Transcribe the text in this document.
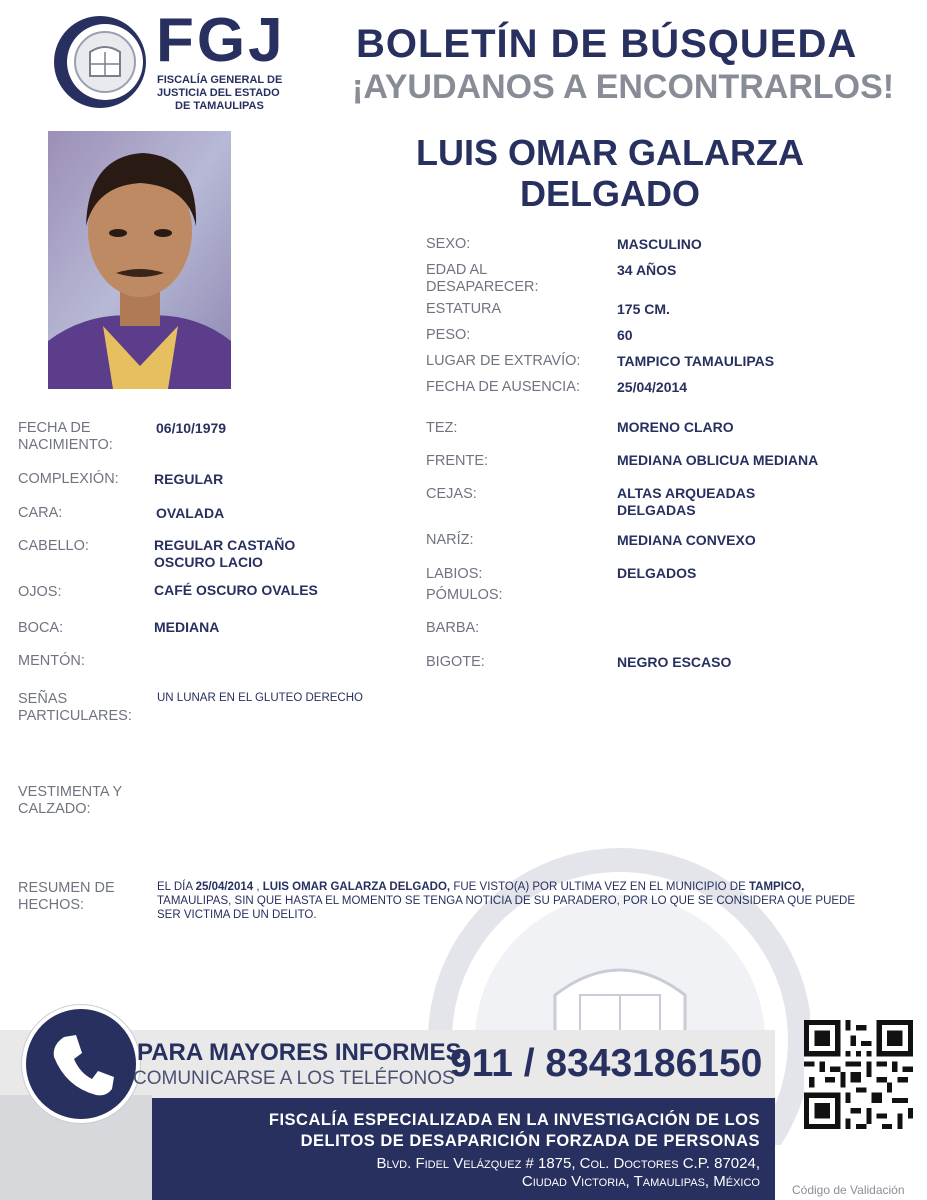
FGJ
FISCALÍA GENERAL DE
JUSTICIA DEL ESTADO
DE TAMAULIPAS
BOLETÍN DE BÚSQUEDA
¡AYUDANOS A ENCONTRARLOS!
LUIS OMAR GALARZA
DELGADO
SEXO:	MASCULINO
EDAD AL
DESAPARECER:
34 AÑOS
ESTATURA	175 CM.
PESO:	60
LUGAR DE EXTRAVÍO:	TAMPICO TAMAULIPAS
FECHA DE AUSENCIA:	25/04/2014
FECHA DE
NACIMIENTO:
06/10/1979
COMPLEXIÓN:	REGULAR
CARA:	OVALADA
CABELLO:	REGULAR CASTAÑO
OSCURO LACIO
OJOS:	CAFÉ OSCURO OVALES
BOCA:	MEDIANA
MENTÓN:
TEZ:	MORENO CLARO
FRENTE:	MEDIANA OBLICUA MEDIANA
CEJAS:	ALTAS ARQUEADAS
DELGADAS
NARÍZ:	MEDIANA CONVEXO
LABIOS:	DELGADOS
PÓMULOS:
BARBA:
BIGOTE:	NEGRO ESCASO
SEÑAS
PARTICULARES:
UN LUNAR EN EL GLUTEO DERECHO
VESTIMENTA Y
CALZADO:
RESUMEN DE
HECHOS:
EL DÍA 25/04/2014 , LUIS OMAR GALARZA DELGADO, FUE VISTO(A) POR ULTIMA VEZ EN EL MUNICIPIO DE TAMPICO, TAMAULIPAS, SIN QUE HASTA EL MOMENTO SE TENGA NOTICIA DE SU PARADERO, POR LO QUE SE CONSIDERA QUE PUEDE SER VICTIMA DE UN DELITO.
PARA MAYORES INFORMES,
COMUNICARSE A LOS TELÉFONOS
911 / 8343186150
FISCALÍA ESPECIALIZADA EN LA INVESTIGACIÓN DE LOS
DELITOS DE DESAPARICIÓN FORZADA DE PERSONAS
Blvd. Fidel Velázquez # 1875, Col. Doctores C.P. 87024,
Ciudad Victoria, Tamaulipas, México	Código de Validación
